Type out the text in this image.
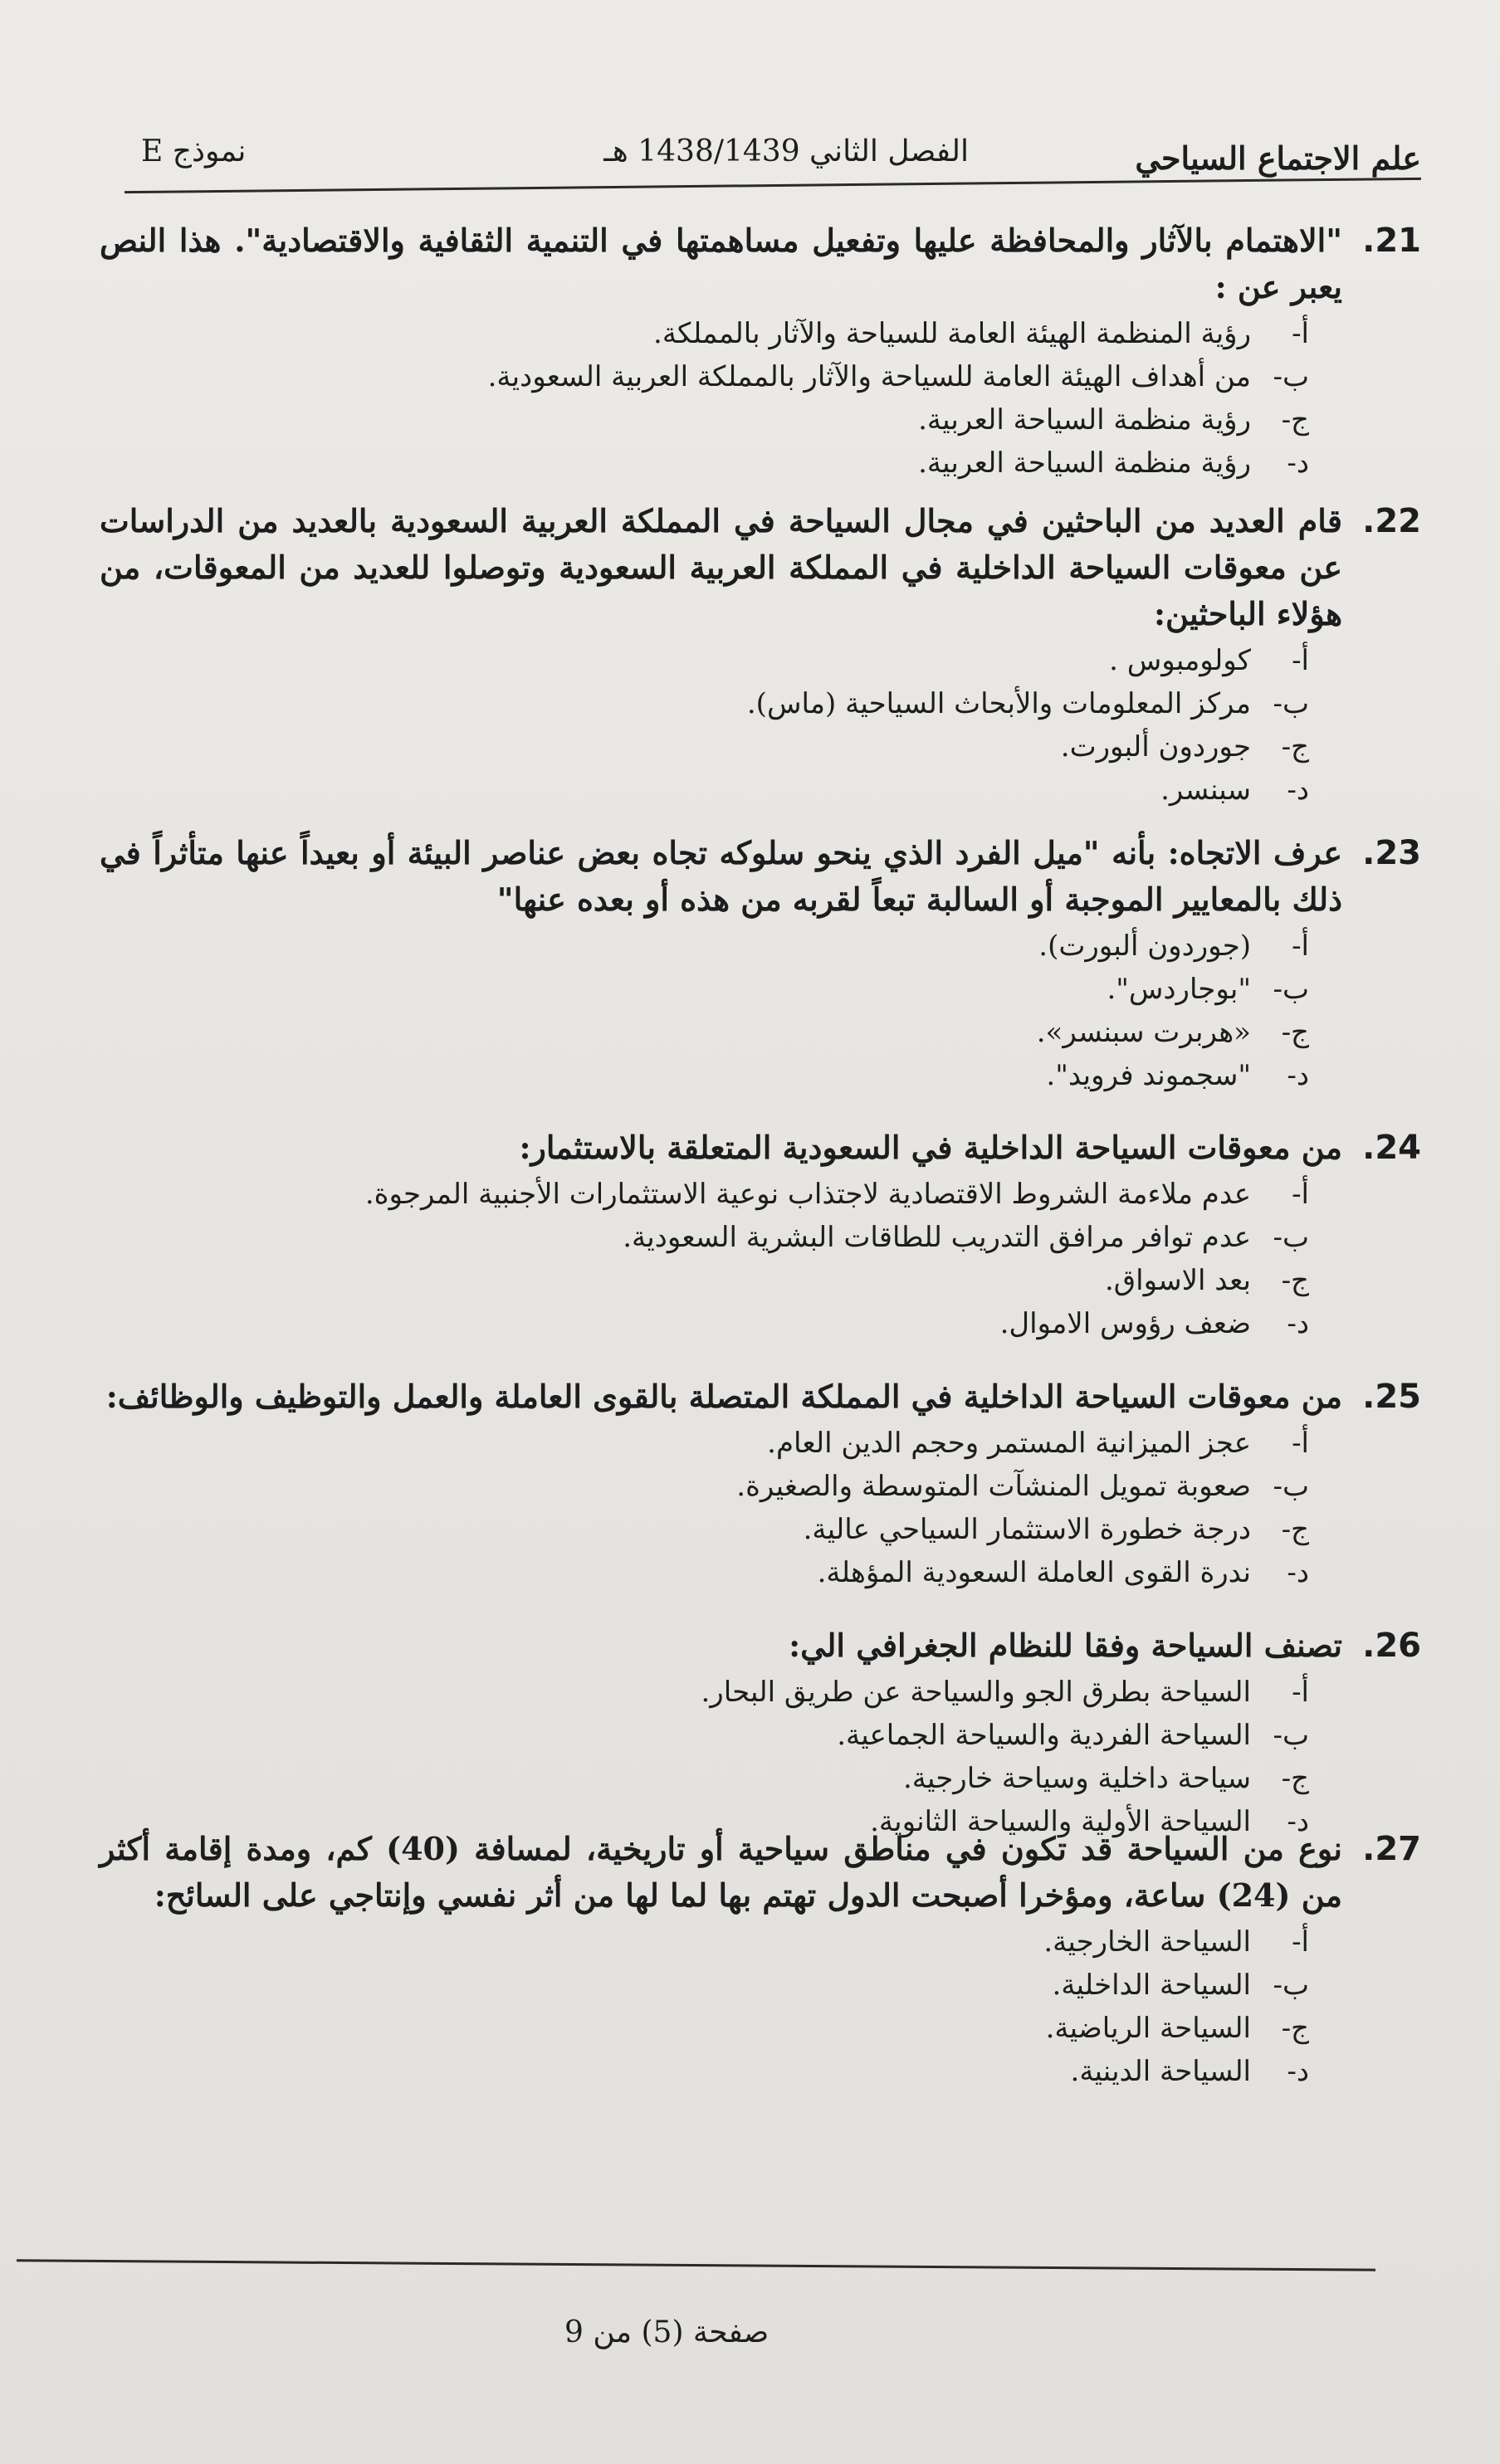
علم الاجتماع السياحي
الفصل الثاني 1438/1439 هـ
نموذج E
21.
"الاهتمام بالآثار والمحافظة عليها وتفعيل مساهمتها في التنمية الثقافية والاقتصادية". هذا النص يعبر عن :
أ-رؤية المنظمة الهيئة العامة للسياحة والآثار بالمملكة.
ب-من أهداف الهيئة العامة للسياحة والآثار بالمملكة العربية السعودية.
ج-رؤية منظمة السياحة العربية.
د-رؤية منظمة السياحة العربية.
22.
قام العديد من الباحثين في مجال السياحة في المملكة العربية السعودية بالعديد من الدراسات عن معوقات السياحة الداخلية في المملكة العربية السعودية وتوصلوا للعديد من المعوقات، من هؤلاء الباحثين:
أ-كولومبوس .
ب-مركز المعلومات والأبحاث السياحية (ماس).
ج-جوردون ألبورت.
د-سبنسر.
23.
عرف الاتجاه: بأنه "ميل الفرد الذي ينحو سلوكه تجاه بعض عناصر البيئة أو بعيداً عنها متأثراً في ذلك بالمعايير الموجبة أو السالبة تبعاً لقربه من هذه أو بعده عنها"
أ-(جوردون ألبورت).
ب-"بوجاردس".
ج-«هربرت سبنسر».
د-"سجموند فرويد".
24.
من معوقات السياحة الداخلية في السعودية المتعلقة بالاستثمار:
أ-عدم ملاءمة الشروط الاقتصادية لاجتذاب نوعية الاستثمارات الأجنبية المرجوة.
ب-عدم توافر مرافق التدريب للطاقات البشرية السعودية.
ج-بعد الاسواق.
د-ضعف رؤوس الاموال.
25.
من معوقات السياحة الداخلية في المملكة المتصلة بالقوى العاملة والعمل والتوظيف والوظائف:
أ-عجز الميزانية المستمر وحجم الدين العام.
ب-صعوبة تمويل المنشآت المتوسطة والصغيرة.
ج-درجة خطورة الاستثمار السياحي عالية.
د-ندرة القوى العاملة السعودية المؤهلة.
26.
تصنف السياحة وفقا للنظام الجغرافي الي:
أ-السياحة بطرق الجو والسياحة عن طريق البحار.
ب-السياحة الفردية والسياحة الجماعية.
ج-سياحة داخلية وسياحة خارجية.
د-السياحة الأولية والسياحة الثانوية.
27.
نوع من السياحة قد تكون في مناطق سياحية أو تاريخية، لمسافة (40) كم، ومدة إقامة أكثر من (24) ساعة، ومؤخرا أصبحت الدول تهتم بها لما لها من أثر نفسي وإنتاجي على السائح:
أ-السياحة الخارجية.
ب-السياحة الداخلية.
ج-السياحة الرياضية.
د-السياحة الدينية.
صفحة (5) من 9
